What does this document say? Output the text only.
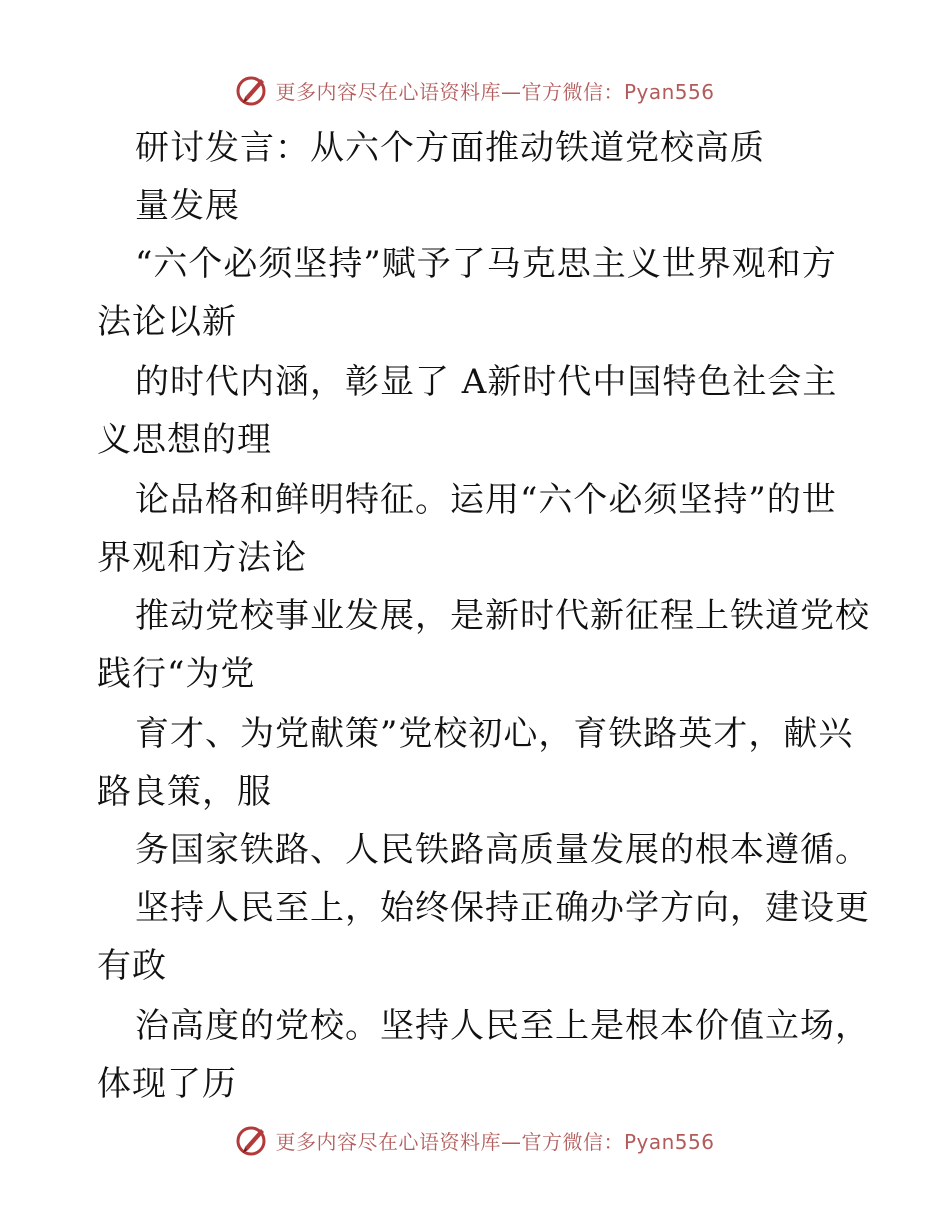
更多内容尽在心语资料库—官方微信：Pyan556
研讨发言：从六个方面推动铁道党校高质
量发展
“六个必须坚持”赋予了马克思主义世界观和方
法论以新
的时代内涵，彰显了 A新时代中国特色社会主
义思想的理
论品格和鲜明特征。运用“六个必须坚持”的世
界观和方法论
推动党校事业发展，是新时代新征程上铁道党校
践行“为党
育才、为党献策”党校初心，育铁路英才，献兴
路良策，服
务国家铁路、人民铁路高质量发展的根本遵循。
坚持人民至上，始终保持正确办学方向，建设更
有政
治高度的党校。坚持人民至上是根本价值立场，
体现了历
更多内容尽在心语资料库—官方微信：Pyan556
